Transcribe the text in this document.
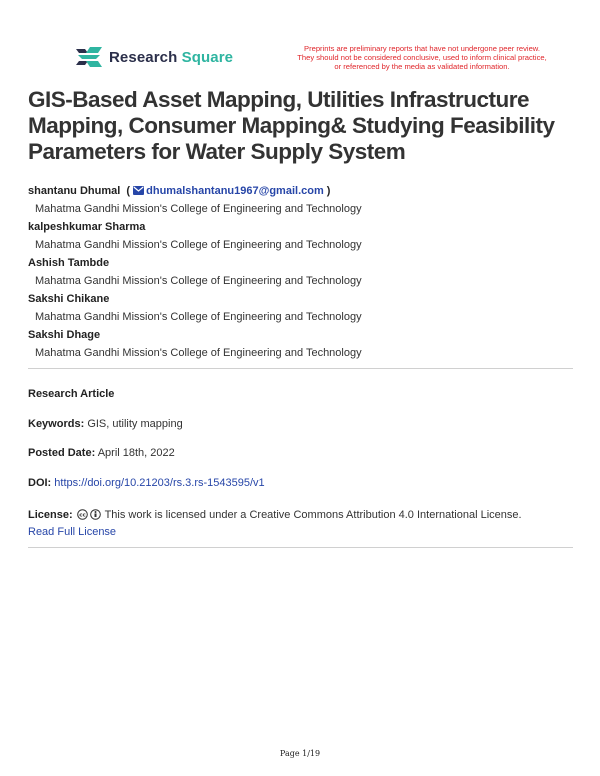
Research Square	Preprints are preliminary reports that have not undergone peer review.
They should not be considered conclusive, used to inform clinical practice,
or referenced by the media as validated information.
GIS-Based Asset Mapping, Utilities Infrastructure Mapping, Consumer Mapping& Studying Feasibility Parameters for Water Supply System
shantanu Dhumal  ( dhumalshantanu1967@gmail.com )
Mahatma Gandhi Mission's College of Engineering and Technology
kalpeshkumar Sharma
Mahatma Gandhi Mission's College of Engineering and Technology
Ashish Tambde
Mahatma Gandhi Mission's College of Engineering and Technology
Sakshi Chikane
Mahatma Gandhi Mission's College of Engineering and Technology
Sakshi Dhage
Mahatma Gandhi Mission's College of Engineering and Technology
Research Article
Keywords: GIS, utility mapping
Posted Date: April 18th, 2022
DOI: https://doi.org/10.21203/rs.3.rs-1543595/v1
License: cc This work is licensed under a Creative Commons Attribution 4.0 International License.
Read Full License
Page 1/19
